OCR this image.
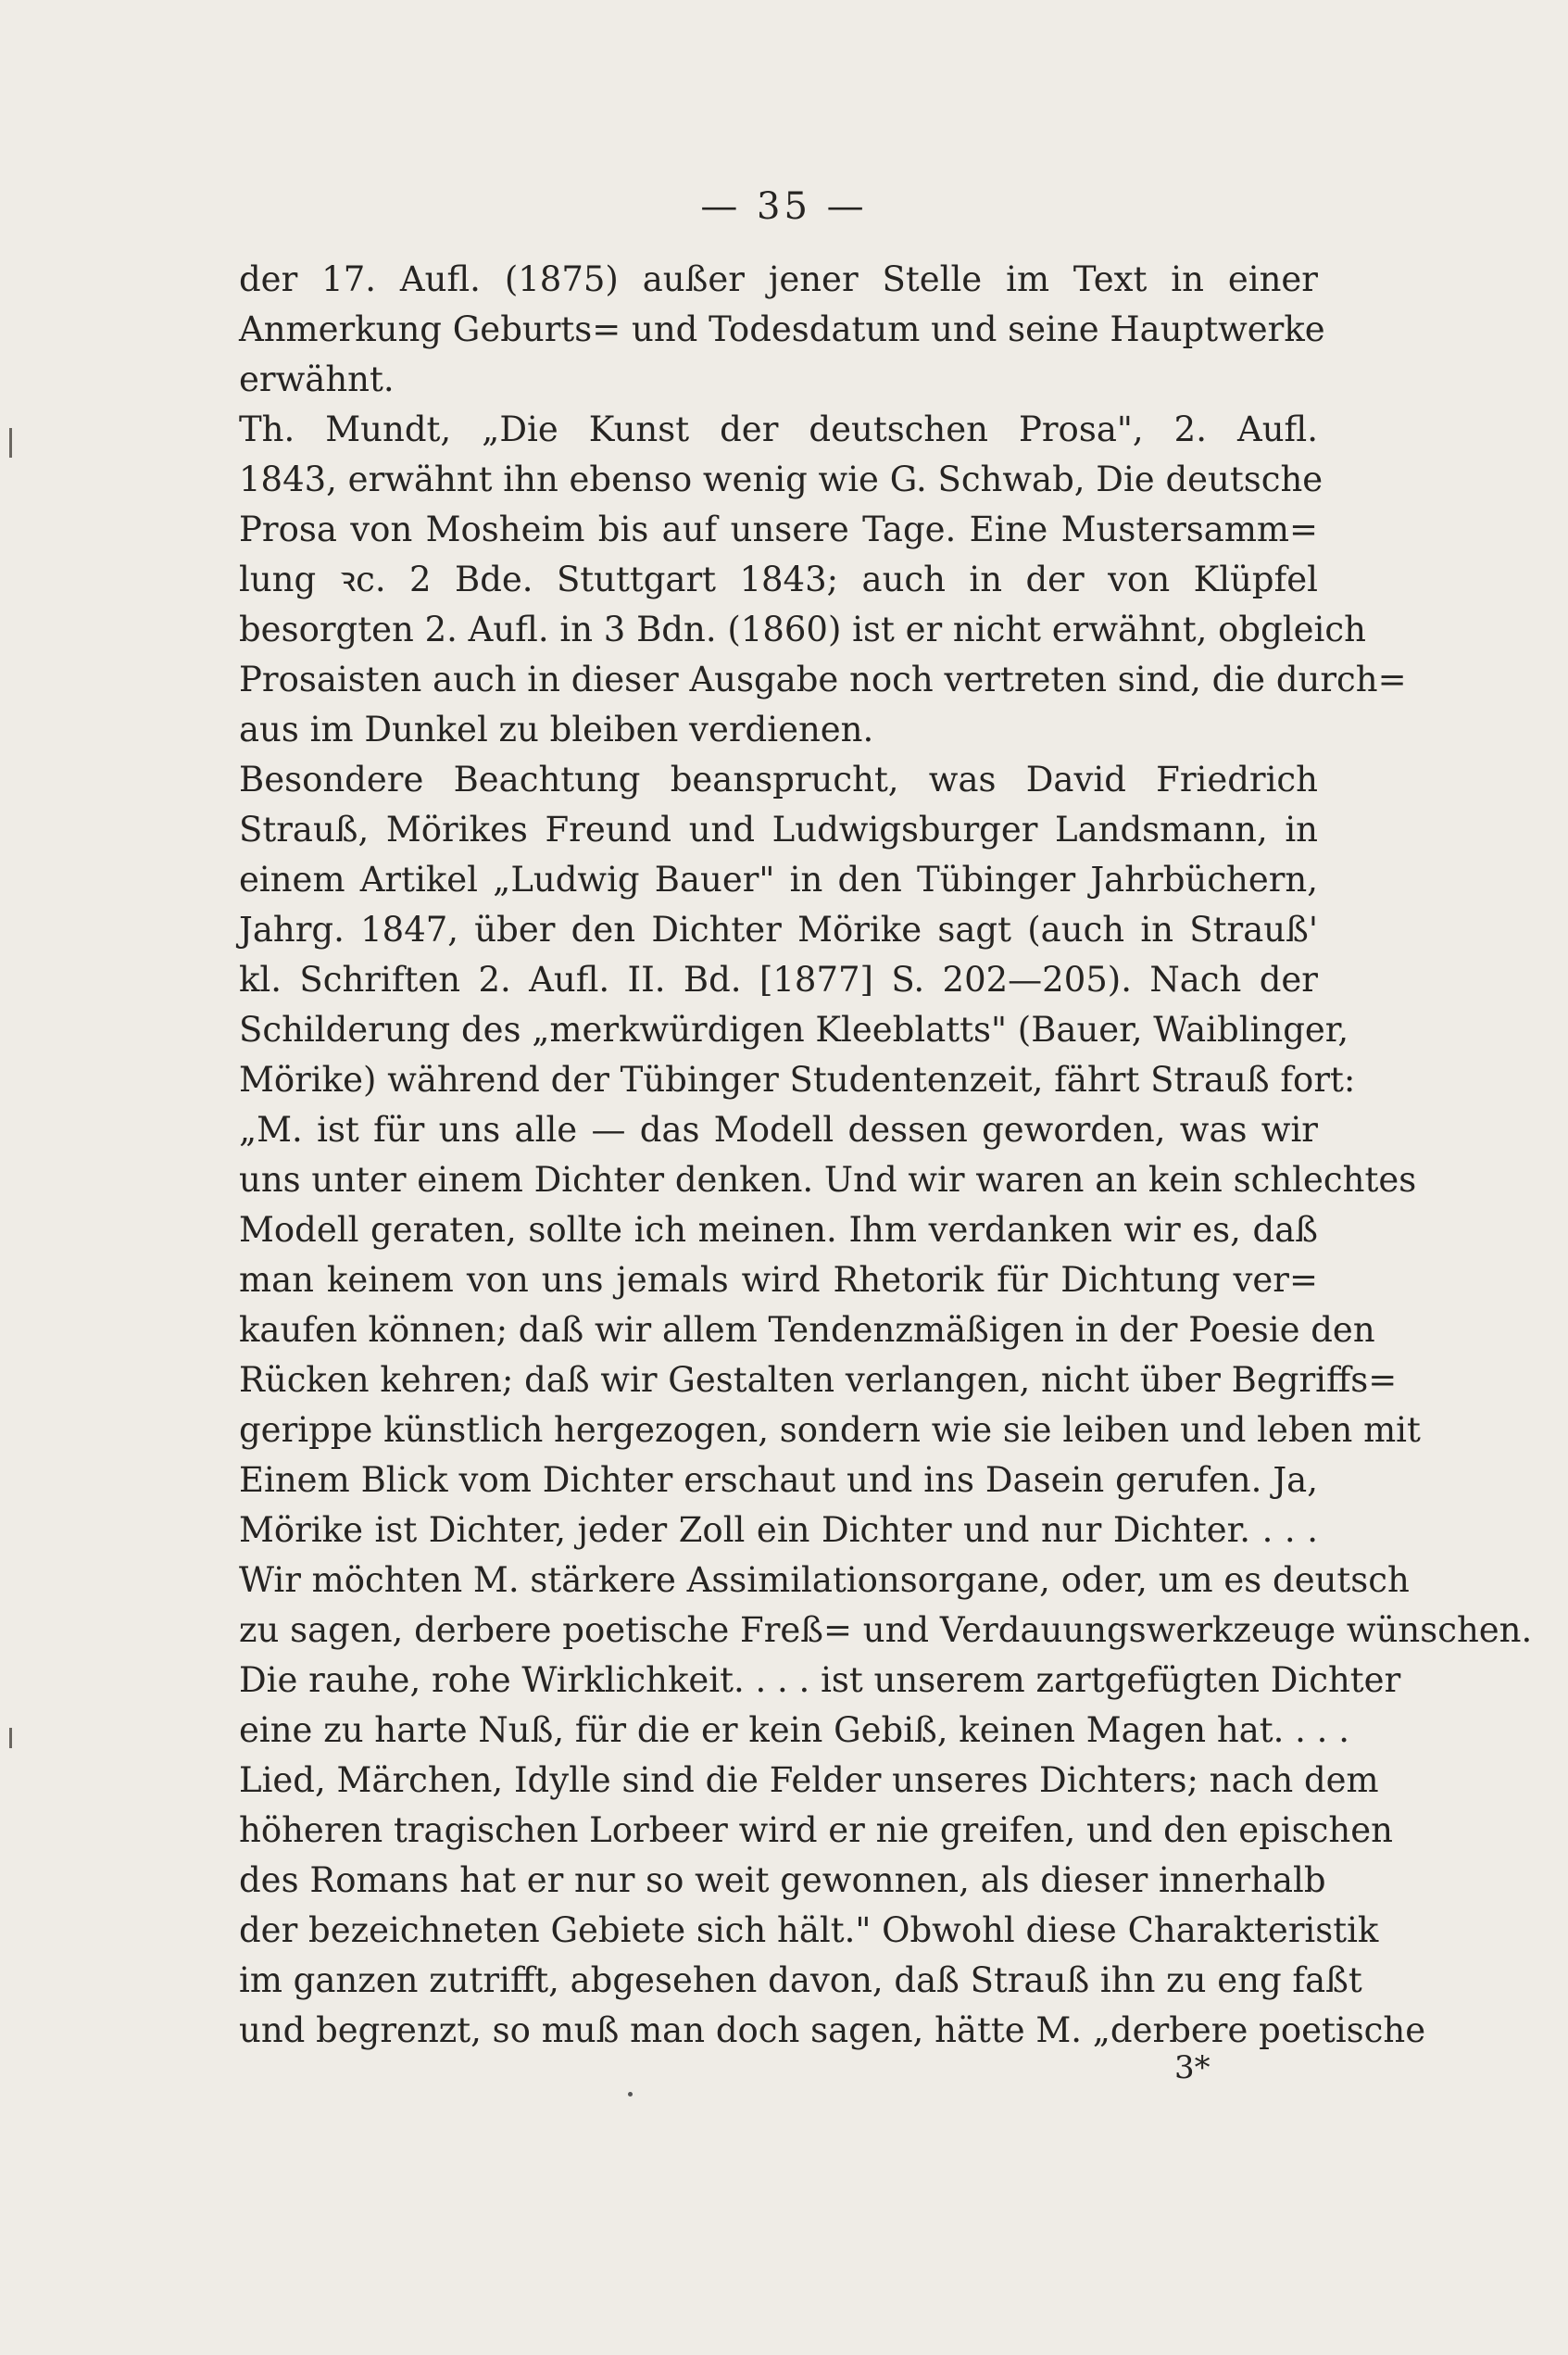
— 35 —
der 17. Aufl. (1875) außer jener Stelle im Text in einer
Anmerkung Geburts= und Todesdatum und seine Hauptwerke
erwähnt.
Th. Mundt, „Die Kunst der deutschen Prosa", 2. Aufl.
1843, erwähnt ihn ebenso wenig wie G. Schwab, Die deutsche
Prosa von Mosheim bis auf unsere Tage. Eine Mustersamm=
lung ꝛc. 2 Bde. Stuttgart 1843; auch in der von Klüpfel
besorgten 2. Aufl. in 3 Bdn. (1860) ist er nicht erwähnt, obgleich
Prosaisten auch in dieser Ausgabe noch vertreten sind, die durch=
aus im Dunkel zu bleiben verdienen.
Besondere Beachtung beansprucht, was David Friedrich
Strauß, Mörikes Freund und Ludwigsburger Landsmann, in
einem Artikel „Ludwig Bauer" in den Tübinger Jahrbüchern,
Jahrg. 1847, über den Dichter Mörike sagt (auch in Strauß'
kl. Schriften 2. Aufl. II. Bd. [1877] S. 202—205). Nach der
Schilderung des „merkwürdigen Kleeblatts" (Bauer, Waiblinger,
Mörike) während der Tübinger Studentenzeit, fährt Strauß fort:
„M. ist für uns alle — das Modell dessen geworden, was wir
uns unter einem Dichter denken. Und wir waren an kein schlechtes
Modell geraten, sollte ich meinen. Ihm verdanken wir es, daß
man keinem von uns jemals wird Rhetorik für Dichtung ver=
kaufen können; daß wir allem Tendenzmäßigen in der Poesie den
Rücken kehren; daß wir Gestalten verlangen, nicht über Begriffs=
gerippe künstlich hergezogen, sondern wie sie leiben und leben mit
Einem Blick vom Dichter erschaut und ins Dasein gerufen. Ja,
Mörike ist Dichter, jeder Zoll ein Dichter und nur Dichter. . . .
Wir möchten M. stärkere Assimilationsorgane, oder, um es deutsch
zu sagen, derbere poetische Freß= und Verdauungswerkzeuge wünschen.
Die rauhe, rohe Wirklichkeit. . . . ist unserem zartgefügten Dichter
eine zu harte Nuß, für die er kein Gebiß, keinen Magen hat. . . .
Lied, Märchen, Idylle sind die Felder unseres Dichters; nach dem
höheren tragischen Lorbeer wird er nie greifen, und den epischen
des Romans hat er nur so weit gewonnen, als dieser innerhalb
der bezeichneten Gebiete sich hält." Obwohl diese Charakteristik
im ganzen zutrifft, abgesehen davon, daß Strauß ihn zu eng faßt
und begrenzt, so muß man doch sagen, hätte M. „derbere poetische
3*
